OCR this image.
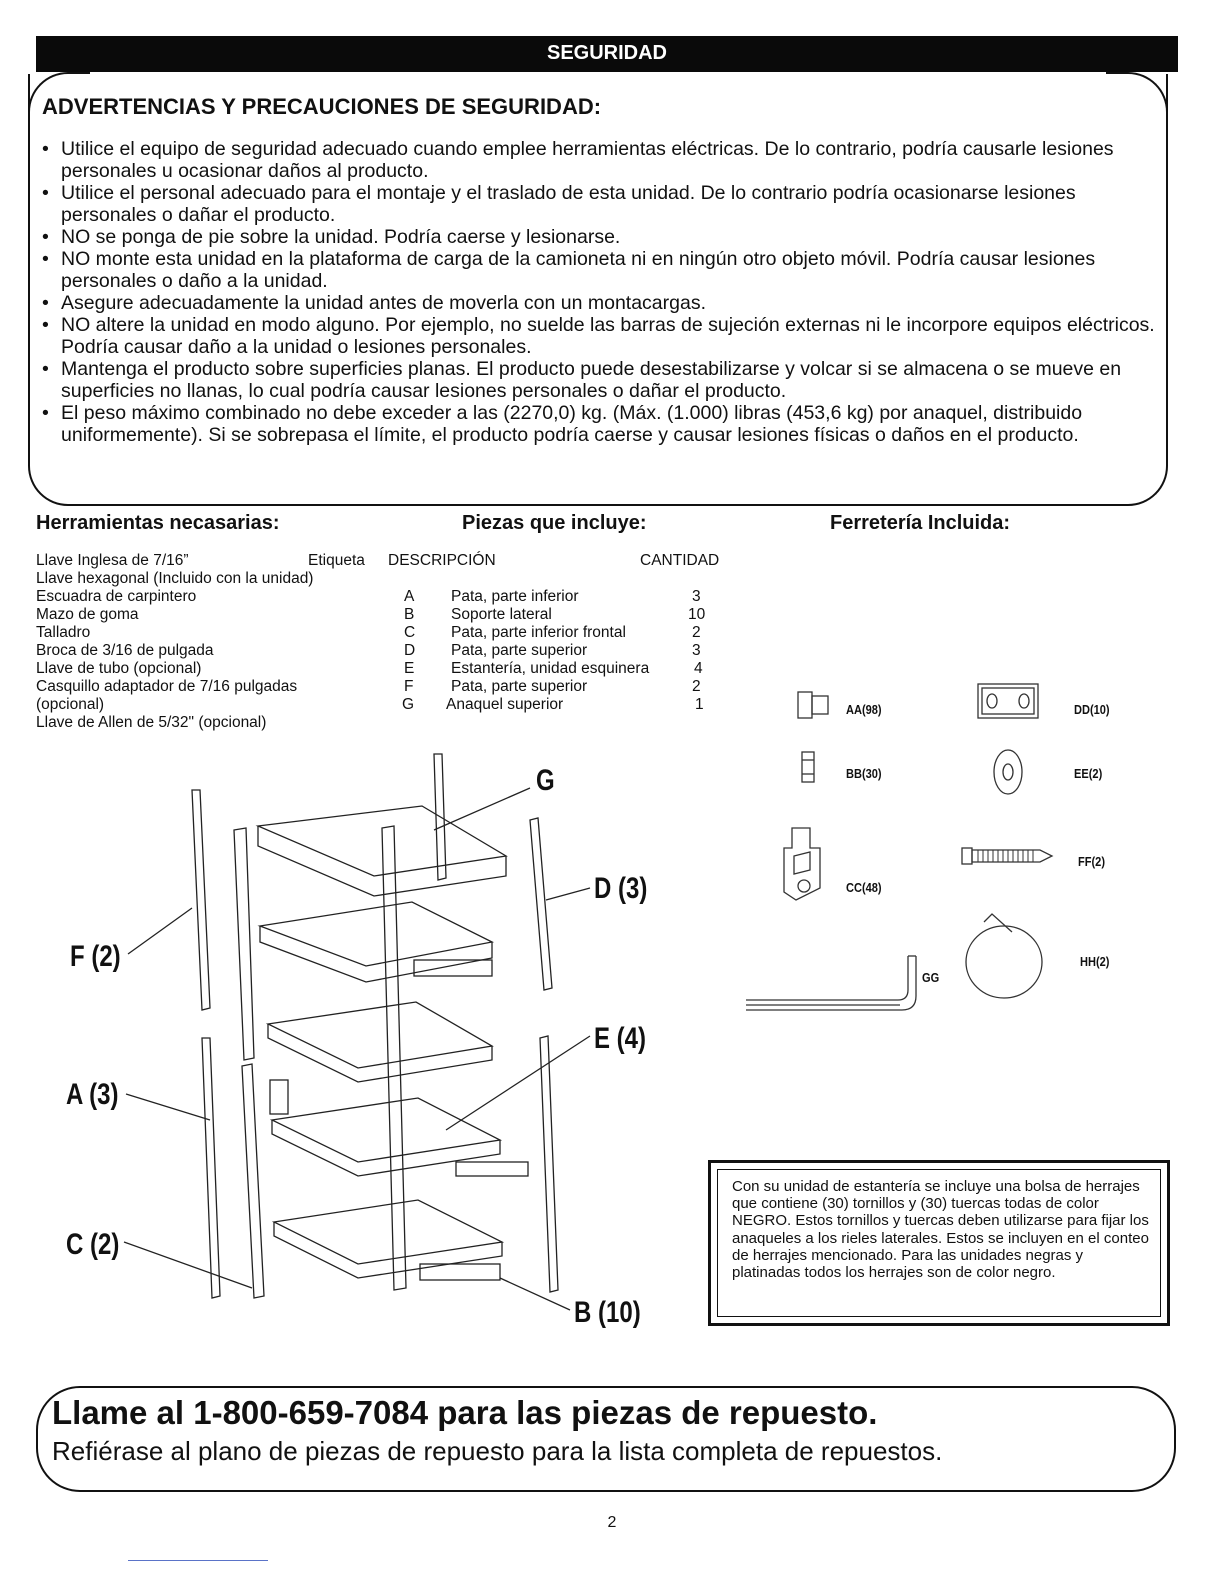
SEGURIDAD
ADVERTENCIAS Y PRECAUCIONES DE SEGURIDAD:
• Utilice el equipo de seguridad adecuado cuando emplee herramientas eléctricas. De lo contrario, podría causarle lesiones personales u ocasionar daños al producto.
• Utilice el personal adecuado para el montaje y el traslado de esta unidad. De lo contrario podría ocasionarse lesiones personales o dañar el producto.
• NO se ponga de pie sobre la unidad. Podría caerse y lesionarse.
• NO monte esta unidad en la plataforma de carga de la camioneta ni en ningún otro objeto móvil. Podría causar lesiones personales o daño a la unidad.
• Asegure adecuadamente la unidad antes de moverla con un montacargas.
• NO altere la unidad en modo alguno. Por ejemplo, no suelde las barras de sujeción externas ni le incorpore equipos eléctricos. Podría causar daño a la unidad o lesiones personales.
• Mantenga el producto sobre superficies planas. El producto puede desestabilizarse y volcar si se almacena o se mueve en superficies no llanas, lo cual podría causar lesiones personales o dañar el producto.
• El peso máximo combinado no debe exceder a las (2270,0) kg. (Máx. (1.000) libras (453,6 kg) por anaquel, distribuido uniformemente). Si se sobrepasa el límite, el producto podría caerse y causar lesiones físicas o daños en el producto.
Herramientas necasarias:	Piezas que incluye:	Ferretería Incluida:
Llave Inglesa de 7/16”
Llave hexagonal (Incluido con la unidad)
Escuadra de carpintero
Mazo de goma
Talladro
Broca de 3/16 de pulgada
Llave de tubo (opcional)
Casquillo adaptador de 7/16 pulgadas
(opcional)
Llave de Allen de 5/32" (opcional)
Etiqueta DESCRIPCIÓN	CANTIDAD
A Pata, parte inferior	3
B Soporte lateral	10
C Pata, parte inferior frontal	2
D Pata, parte superior	3
E Estantería, unidad esquinera	4
F Pata, parte superior	2
G Anaquel superior	1	AA(98)	DD(10)
BB(30)	EE(2)
CC(48)
FF(2)
GG
HH(2)
G
D (3)
F (2)
E (4)
A (3)
C (2)
B (10)
Con su unidad de estantería se incluye una bolsa de herrajes que contiene (30) tornillos y (30) tuercas todas de color NEGRO. Estos tornillos y tuercas deben utilizarse para fijar los anaqueles a los rieles laterales. Estos se incluyen en el conteo de herrajes mencionado. Para las unidades negras y platinadas todos los herrajes son de color negro.
Llame al 1-800-659-7084 para las piezas de repuesto.
Refiérase al plano de piezas de repuesto para la lista completa de repuestos.
2
